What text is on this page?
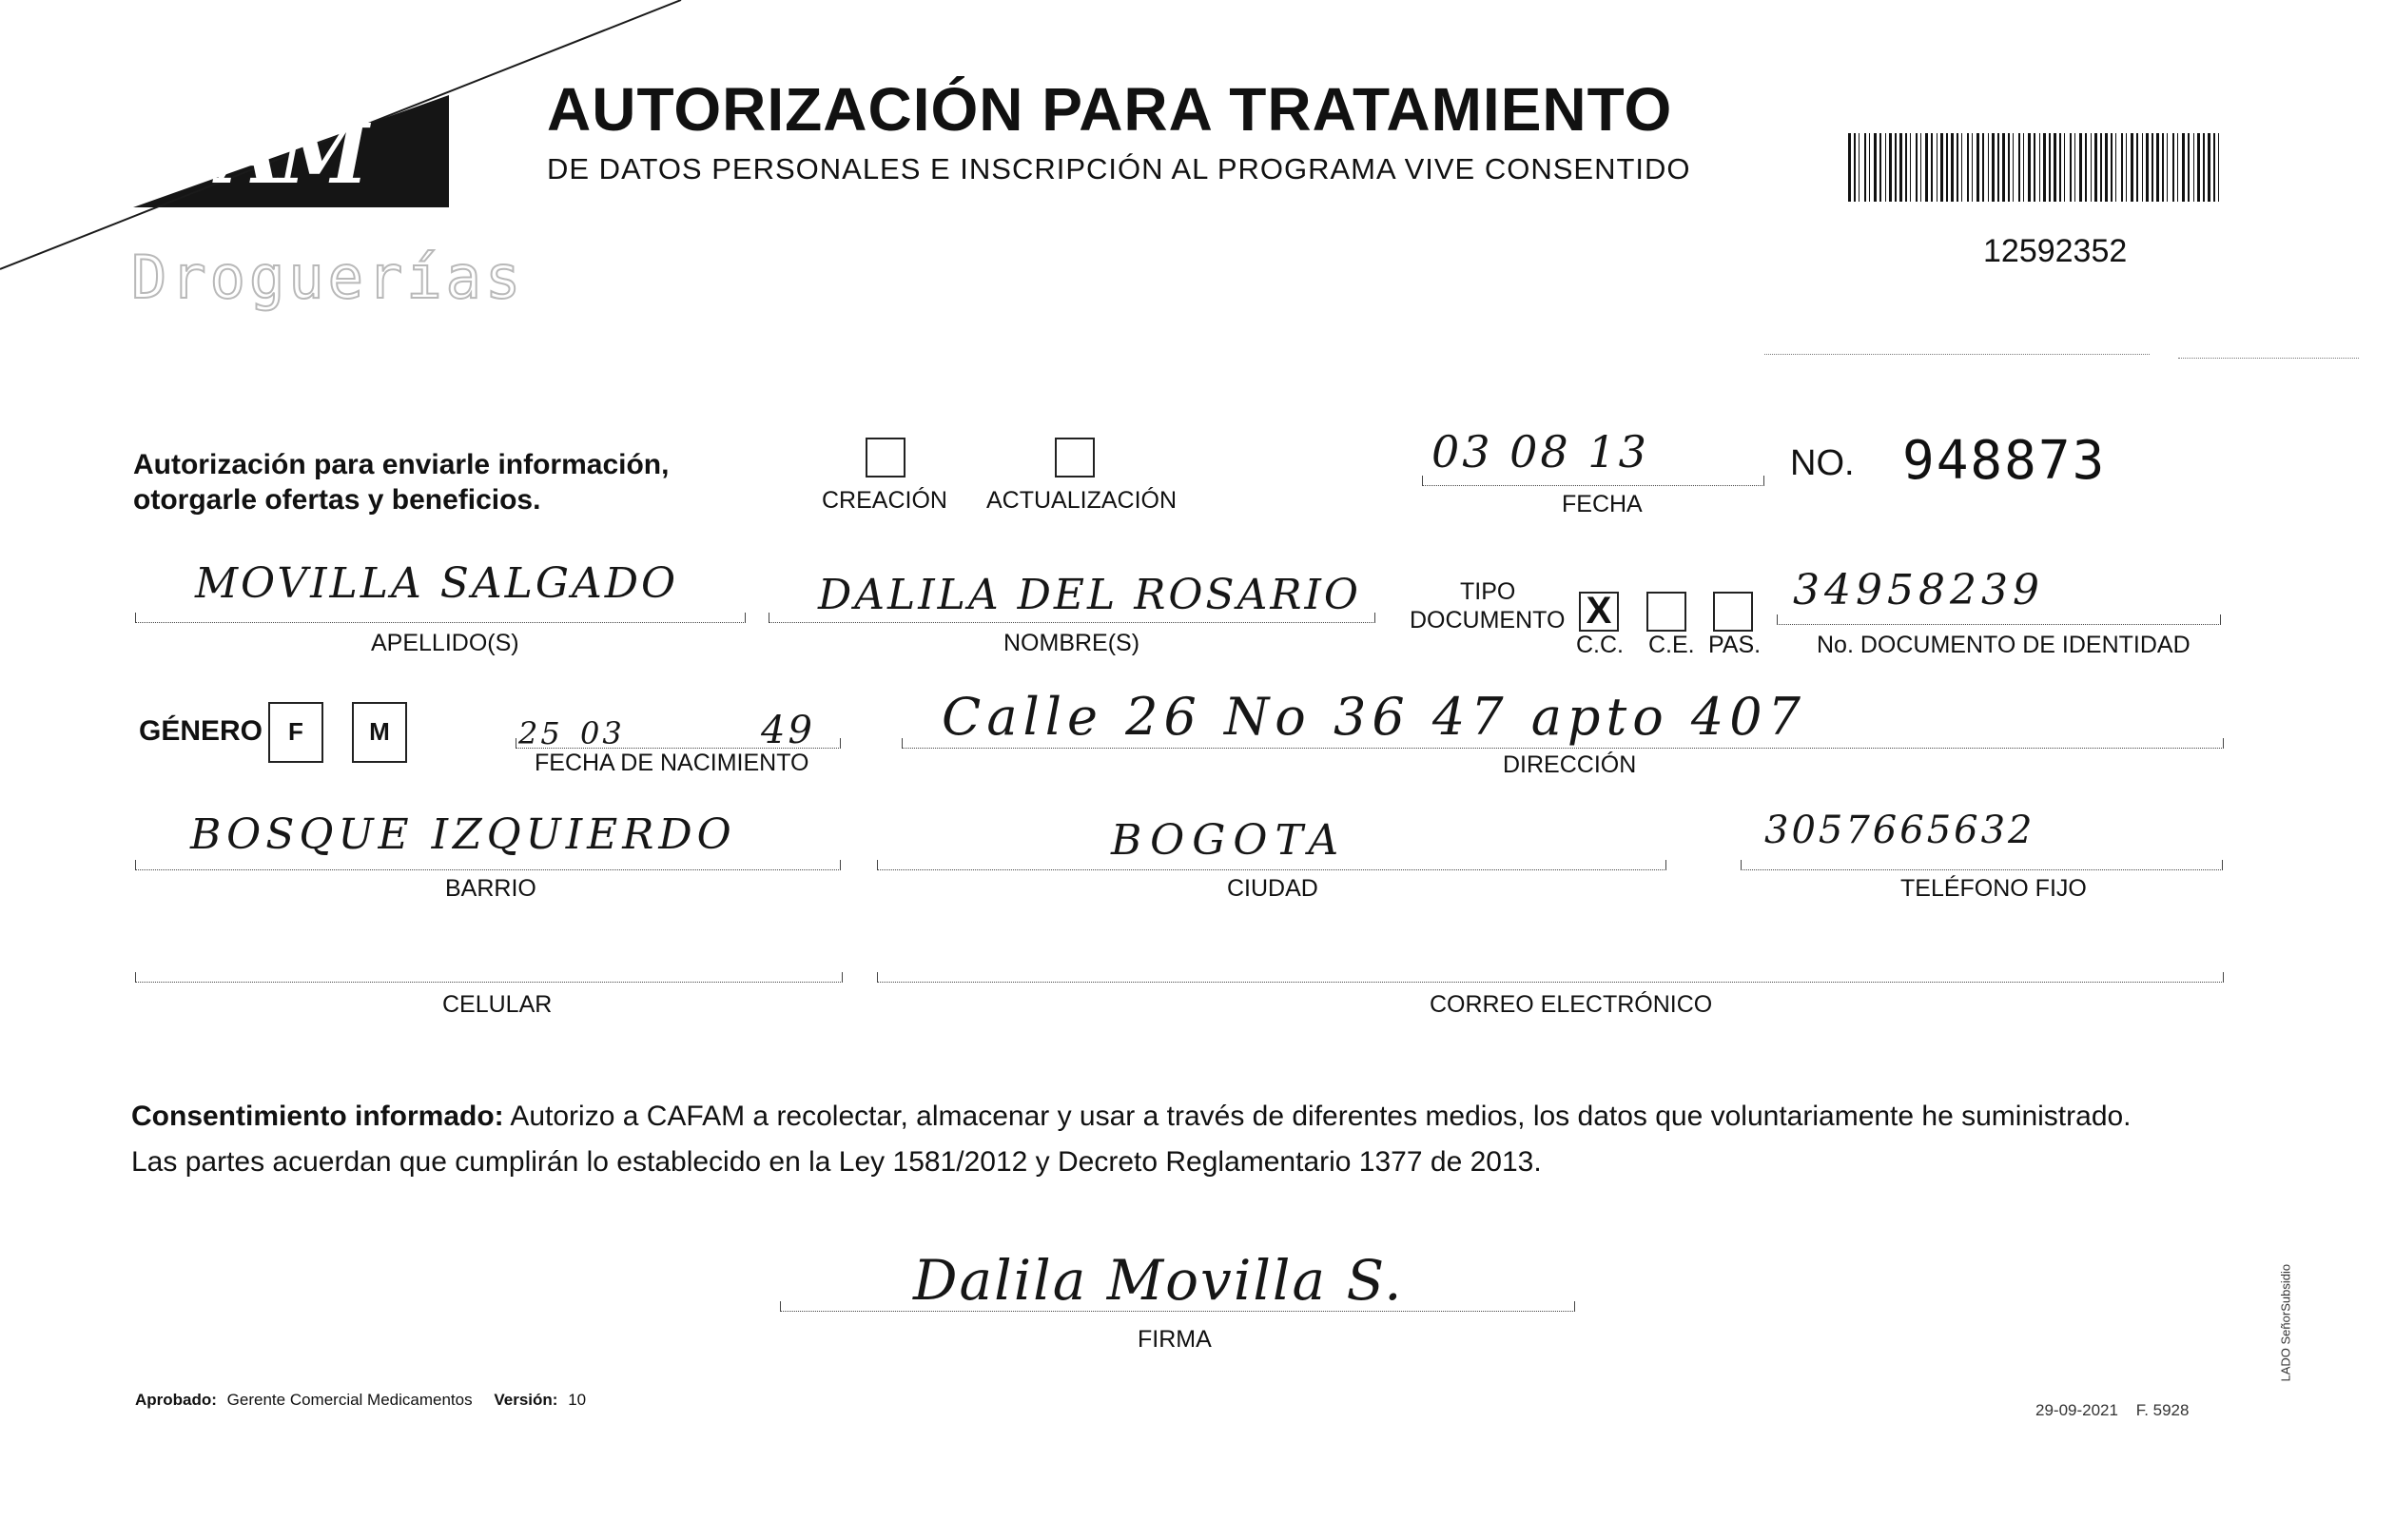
AM
Droguerías
AUTORIZACIÓN PARA TRATAMIENTO
DE DATOS PERSONALES E INSCRIPCIÓN AL PROGRAMA VIVE CONSENTIDO
12592352
Autorización para enviarle información,
otorgarle ofertas y beneficios.	CREACIÓN ACTUALIZACIÓN
03 08 13
FECHA
NO. 948873
MOVILLA SALGADO
APELLIDO(S)
DALILA DEL ROSARIO
NOMBRE(S)
TIPO
DOCUMENTO X
C.C. C.E. PAS.
34958239
No. DOCUMENTO DE IDENTIDAD
GÉNERO	F	M	25 03	49
FECHA DE NACIMIENTO
Calle 26 No 36 47 apto 407
DIRECCIÓN
BOSQUE IZQUIERDO
BARRIO
BOGOTA
CIUDAD
3057665632
TELÉFONO FIJO
CELULAR	CORREO ELECTRÓNICO
Consentimiento informado: Autorizo a CAFAM a recolectar, almacenar y usar a través de diferentes medios, los datos que voluntariamente he suministrado.
Las partes acuerdan que cumplirán lo establecido en la Ley 1581/2012 y Decreto Reglamentario 1377 de 2013.
Dalila Movilla S.
FIRMA
Aprobado: Gerente Comercial Medicamentos Versión: 10
29-09-2021 F. 5928
LADO SeñorSubsidio
